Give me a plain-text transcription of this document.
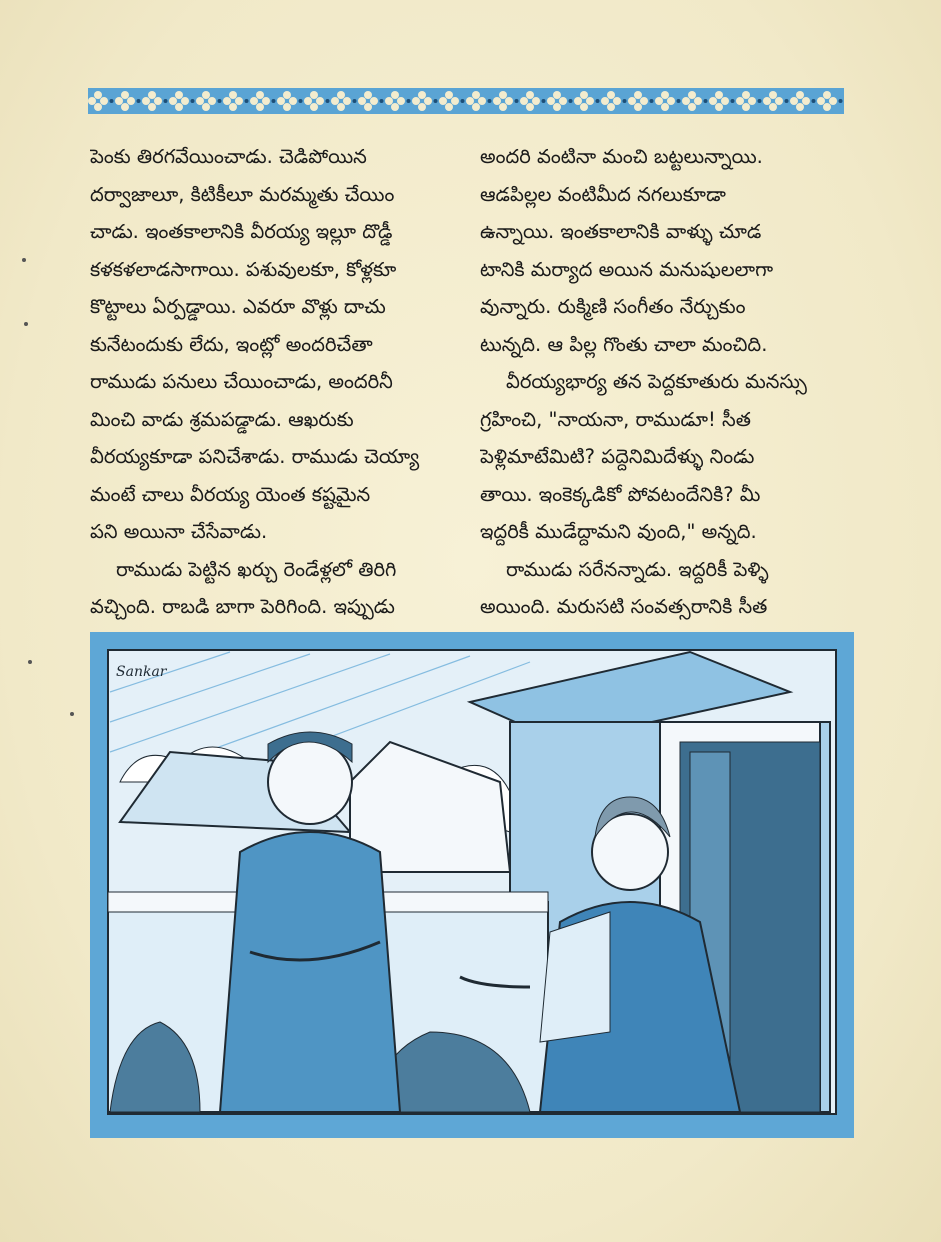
పెంకు తిరగవేయించాడు. చెడిపోయిన
దర్వాజాలూ, కిటికీలూ మరమ్మతు చేయిం
చాడు. ఇంతకాలానికి వీరయ్య ఇల్లూ దొడ్డీ
కళకళలాడసాగాయి. పశువులకూ, కోళ్లకూ
కొట్టాలు ఏర్పడ్డాయి. ఎవరూ వొళ్లు దాచు
కునేటందుకు లేదు, ఇంట్లో అందరిచేతా
రాముడు పనులు చేయించాడు, అందరినీ
మించి వాడు శ్రమపడ్డాడు. ఆఖరుకు
వీరయ్యకూడా పనిచేశాడు. రాముడు చెయ్యా
మంటే చాలు వీరయ్య యెంత కష్టమైన
పని అయినా చేసేవాడు.
రాముడు పెట్టిన ఖర్చు రెండేళ్లలో తిరిగి
వచ్చింది. రాబడి బాగా పెరిగింది. ఇప్పుడు
అందరి వంటినా మంచి బట్టలున్నాయి.
ఆడపిల్లల వంటిమీద నగలుకూడా
ఉన్నాయి. ఇంతకాలానికి వాళ్ళు చూడ
టానికి మర్యాద అయిన మనుషులలాగా
వున్నారు. రుక్మిణి సంగీతం నేర్చుకుం
టున్నది. ఆ పిల్ల గొంతు చాలా మంచిది.
వీరయ్యభార్య తన పెద్దకూతురు మనస్సు
గ్రహించి, "నాయనా, రాముడూ! సీత
పెళ్లిమాటేమిటి? పద్దెనిమిదేళ్ళు నిండు
తాయి. ఇంకెక్కడికో పోవటందేనికి? మీ
ఇద్దరికీ ముడేద్దామని వుంది," అన్నది.
రాముడు సరేనన్నాడు. ఇద్దరికీ పెళ్ళి
అయింది. మరుసటి సంవత్సరానికి సీత
Sankar
